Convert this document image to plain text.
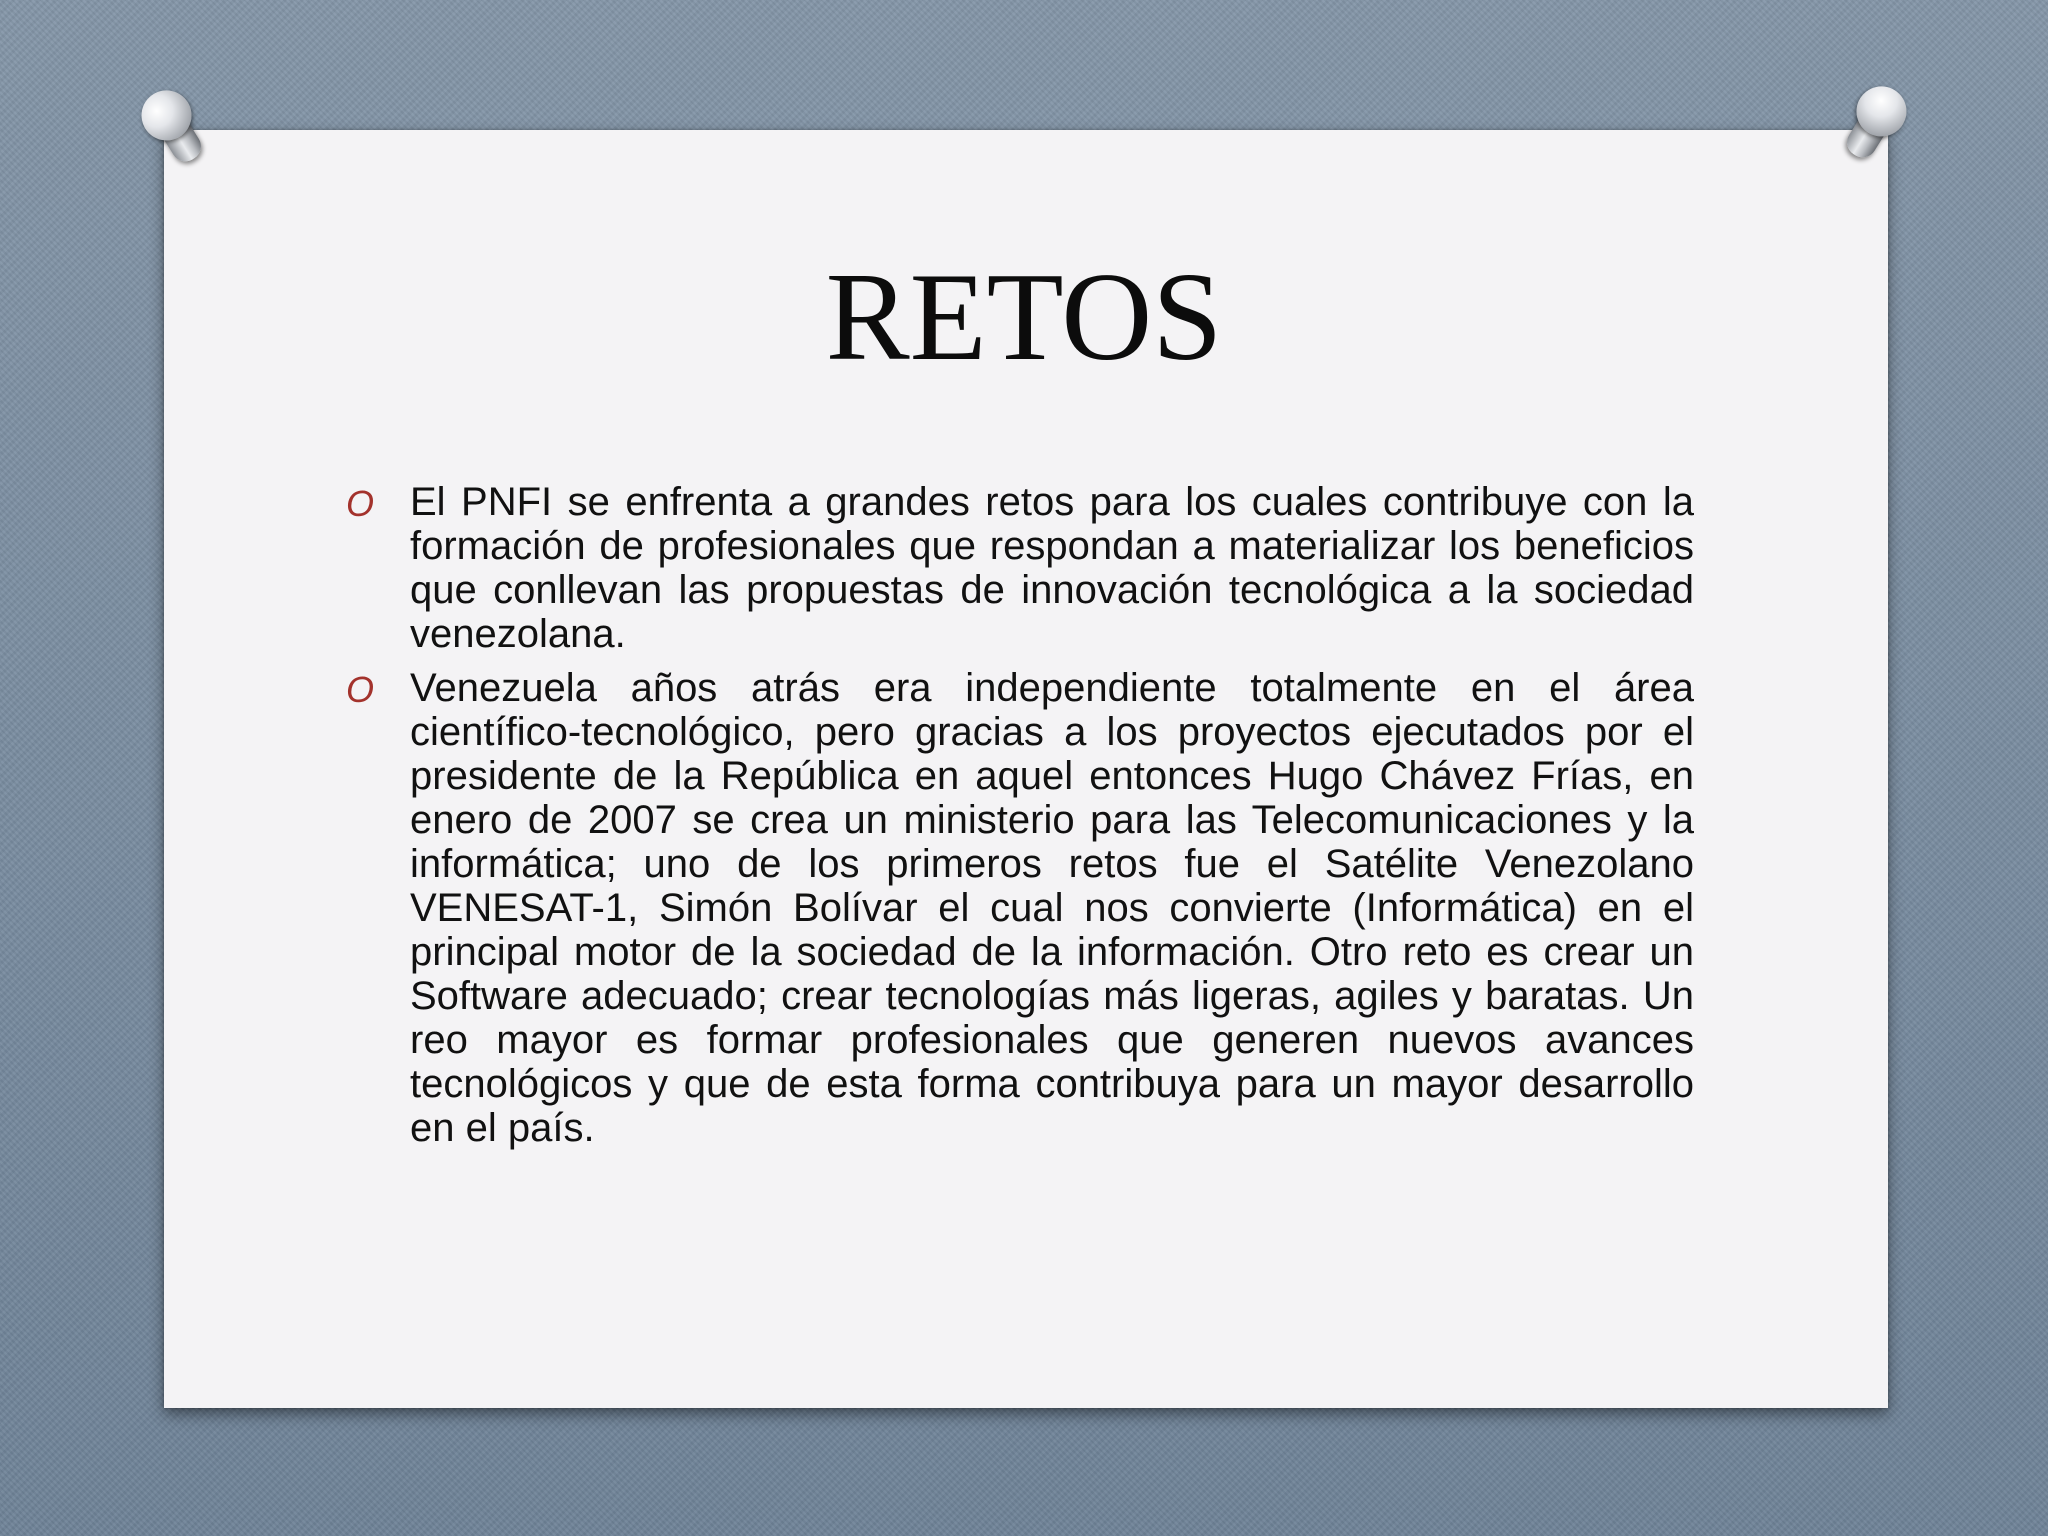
RETOS
O El PNFI se enfrenta a grandes retos para los cuales contribuye con la formación de profesionales que respondan a materializar los beneficios que conllevan las propuestas de innovación tecnológica a la sociedad venezolana.
O Venezuela años atrás era independiente totalmente en el área científico-tecnológico, pero gracias a los proyectos ejecutados por el presidente de la República en aquel entonces Hugo Chávez Frías, en enero de 2007 se crea un ministerio para las Telecomunicaciones y la informática; uno de los primeros retos fue el Satélite Venezolano VENESAT-1, Simón Bolívar el cual nos convierte (Informática) en el principal motor de la sociedad de la información. Otro reto es crear un Software adecuado; crear tecnologías más ligeras, agiles y baratas. Un reo mayor es formar profesionales que generen nuevos avances tecnológicos y que de esta forma contribuya para un mayor desarrollo en el país.
